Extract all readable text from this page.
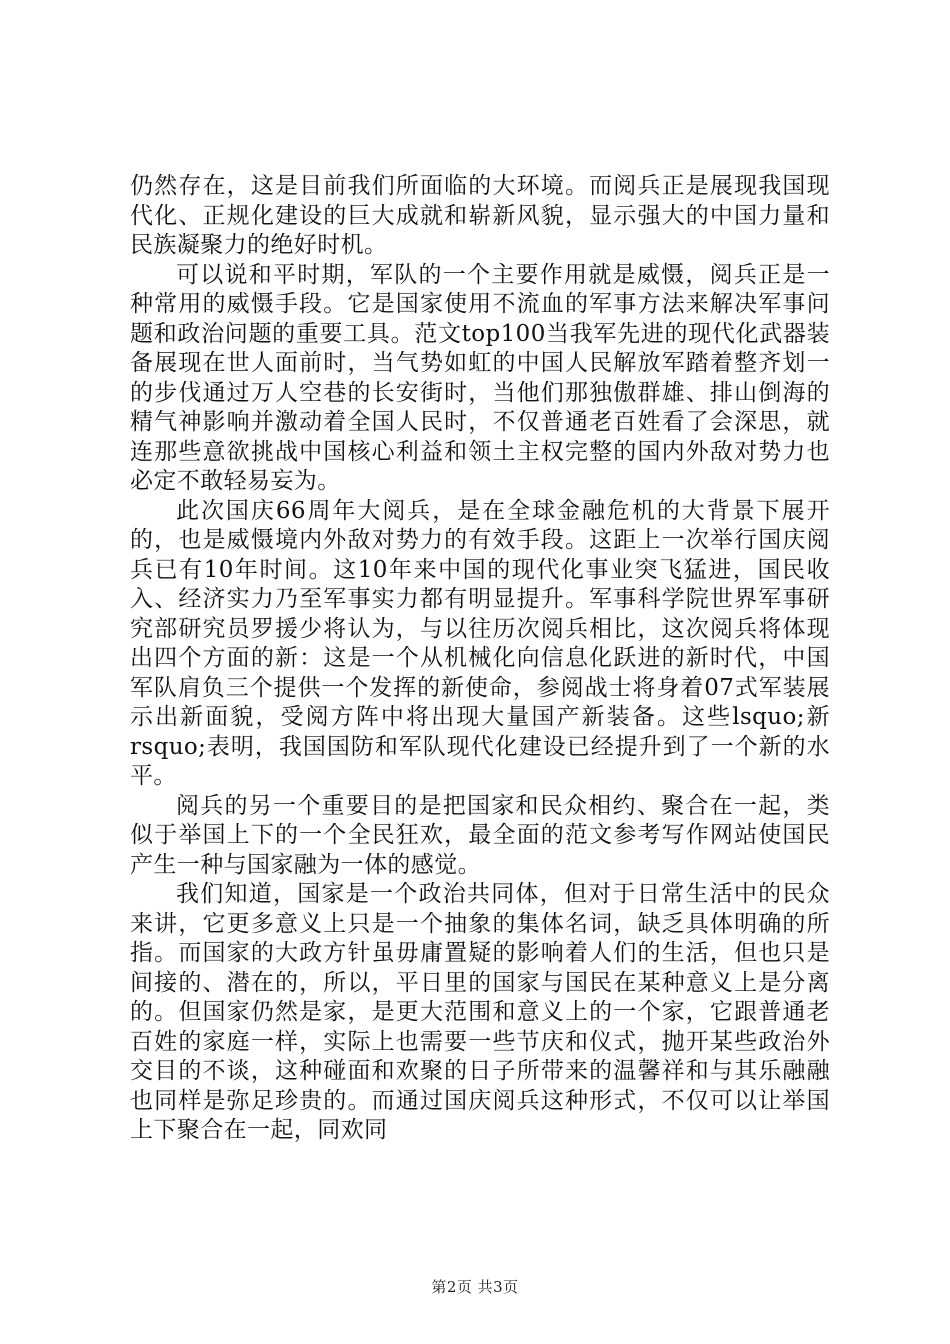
仍然存在，这是目前我们所面临的大环境。而阅兵正是展现我国现代化、正规化建设的巨大成就和崭新风貌，显示强大的中国力量和民族凝聚力的绝好时机。

可以说和平时期，军队的一个主要作用就是威慑，阅兵正是一种常用的威慑手段。它是国家使用不流血的军事方法来解决军事问题和政治问题的重要工具。范文top100当我军先进的现代化武器装备展现在世人面前时，当气势如虹的中国人民解放军踏着整齐划一的步伐通过万人空巷的长安街时，当他们那独傲群雄、排山倒海的精气神影响并激动着全国人民时，不仅普通老百姓看了会深思，就连那些意欲挑战中国核心利益和领土主权完整的国内外敌对势力也必定不敢轻易妄为。

此次国庆66周年大阅兵，是在全球金融危机的大背景下展开的，也是威慑境内外敌对势力的有效手段。这距上一次举行国庆阅兵已有10年时间。这10年来中国的现代化事业突飞猛进，国民收入、经济实力乃至军事实力都有明显提升。军事科学院世界军事研究部研究员罗援少将认为，与以往历次阅兵相比，这次阅兵将体现出四个方面的新：这是一个从机械化向信息化跃进的新时代，中国军队肩负三个提供一个发挥的新使命，参阅战士将身着07式军装展示出新面貌，受阅方阵中将出现大量国产新装备。这些lsquo;新rsquo;表明，我国国防和军队现代化建设已经提升到了一个新的水平。

阅兵的另一个重要目的是把国家和民众相约、聚合在一起，类似于举国上下的一个全民狂欢，最全面的范文参考写作网站使国民产生一种与国家融为一体的感觉。

我们知道，国家是一个政治共同体，但对于日常生活中的民众来讲，它更多意义上只是一个抽象的集体名词，缺乏具体明确的所指。而国家的大政方针虽毋庸置疑的影响着人们的生活，但也只是间接的、潜在的，所以，平日里的国家与国民在某种意义上是分离的。但国家仍然是家，是更大范围和意义上的一个家，它跟普通老百姓的家庭一样，实际上也需要一些节庆和仪式，抛开某些政治外交目的不谈，这种碰面和欢聚的日子所带来的温馨祥和与其乐融融也同样是弥足珍贵的。而通过国庆阅兵这种形式，不仅可以让举国上下聚合在一起，同欢同

第2页 共3页
